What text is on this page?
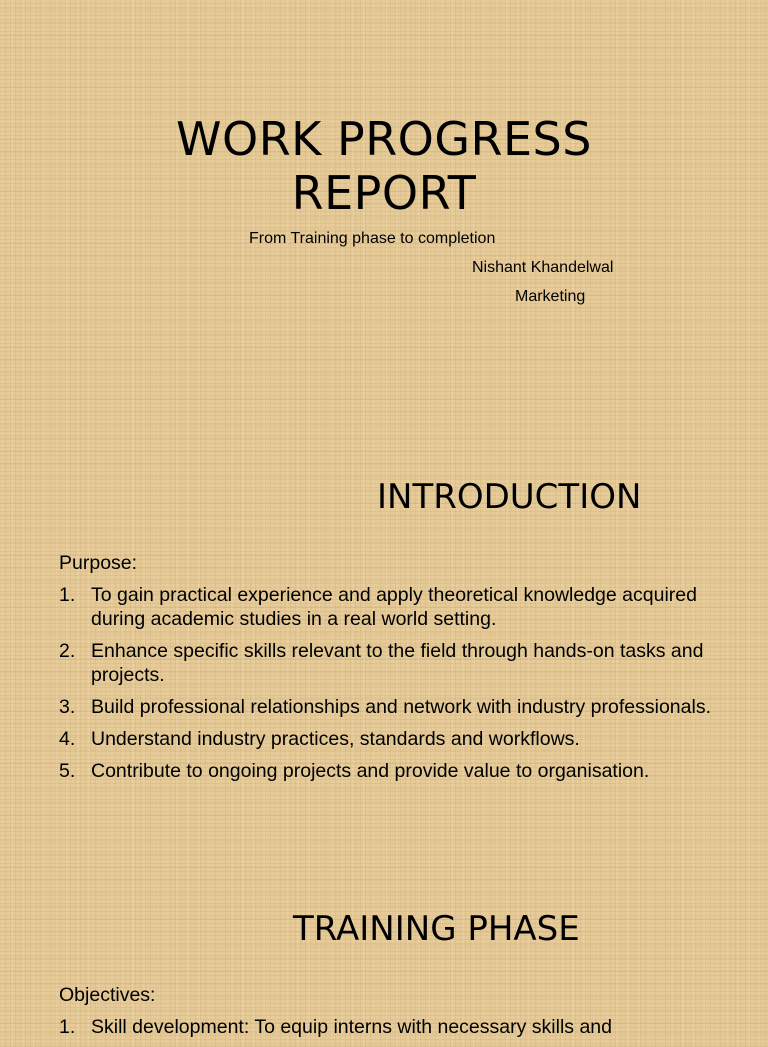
WORK PROGRESS
REPORT
From Training phase to completion
Nishant Khandelwal
Marketing
INTRODUCTION

Purpose:

1. To gain practical experience and apply theoretical knowledge acquired during academic studies in a real world setting.
2. Enhance specific skills relevant to the field through hands-on tasks and projects.
3. Build professional relationships and network with industry professionals.
4. Understand industry practices, standards and workflows.
5. Contribute to ongoing projects and provide value to organisation.
TRAINING PHASE

Objectives:

1. Skill development: To equip interns with necessary skills and
